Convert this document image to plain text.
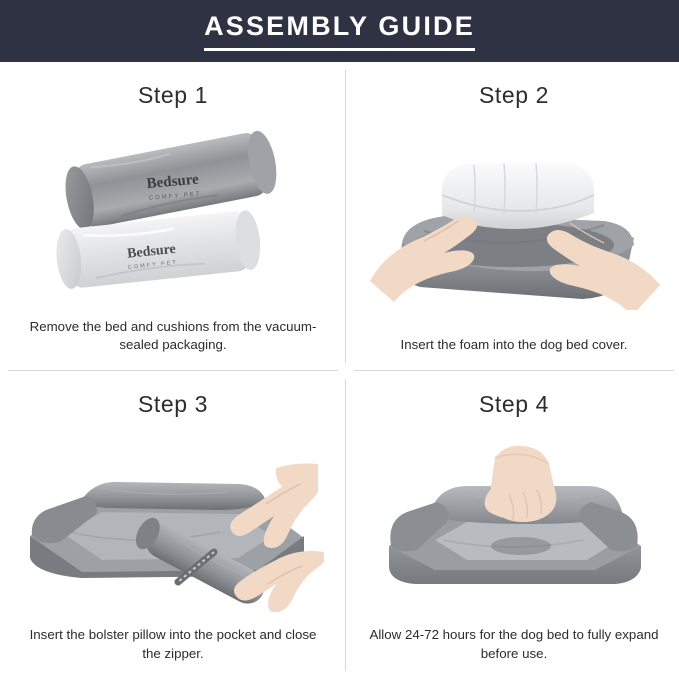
ASSEMBLY GUIDE
Step 1
Bedsure
COMFY PET
Bedsure
COMFY PET
Remove the bed and cushions from the vacuum-sealed packaging.
Step 2
Insert the foam into the dog bed cover.
Step 3
Insert the bolster pillow into the pocket and close the zipper.
Step 4
Allow 24-72 hours for the dog bed to fully expand before use.
